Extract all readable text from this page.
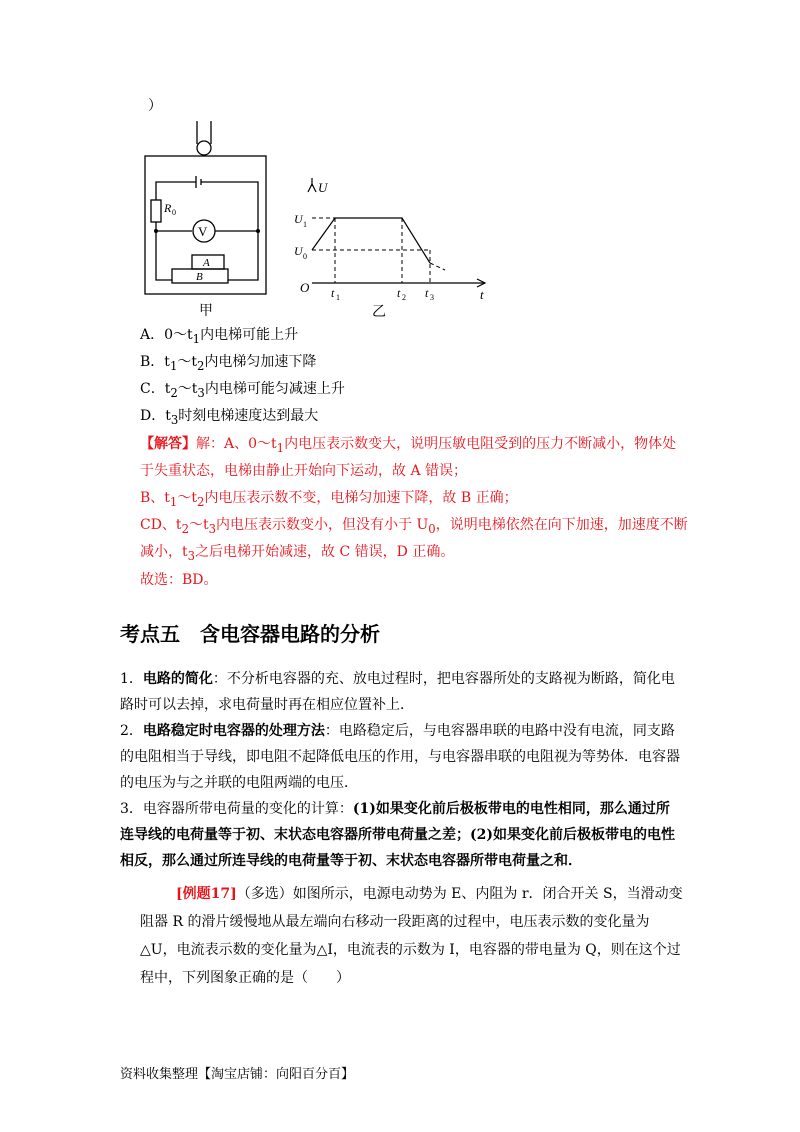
）
V
R 0
A
B
甲
U
t
O
U 1
U 0
t 1	t 2 t 3
乙
A．$0\sim t_1$内电梯可能上升
B．$t_1\sim t_2$内电梯匀加速下降
C．$t_2\sim t_3$内电梯可能匀减速上升
D．$t_3$时刻电梯速度达到最大
【解答】解：A、$0\sim t_1$内电压表示数变大，说明压敏电阻受到的压力不断减小，物体处
于失重状态，电梯由静止开始向下运动，故 A 错误；
B、$t_1\sim t_2$内电压表示数不变，电梯匀加速下降，故 B 正确；
CD、$t_2\sim t_3$内电压表示数变小，但没有小于 $U_0$，说明电梯依然在向下加速，加速度不断
减小，$t_3$之后电梯开始减速，故 C 错误，D 正确。
故选：BD。
考点五　含电容器电路的分析
1．电路的简化：不分析电容器的充、放电过程时，把电容器所处的支路视为断路，简化电路时可以去掉，求电荷量时再在相应位置补上．
2．电路稳定时电容器的处理方法：电路稳定后，与电容器串联的电路中没有电流，同支路的电阻相当于导线，即电阻不起降低电压的作用，与电容器串联的电阻视为等势体．电容器的电压为与之并联的电阻两端的电压．
3．电容器所带电荷量的变化的计算：(1)如果变化前后极板带电的电性相同，那么通过所连导线的电荷量等于初、末状态电容器所带电荷量之差；(2)如果变化前后极板带电的电性相反，那么通过所连导线的电荷量等于初、末状态电容器所带电荷量之和．
[例题17]（多选）如图所示，电源电动势为 E、内阻为 r．闭合开关 S，当滑动变阻器 R 的滑片缓慢地从最左端向右移动一段距离的过程中，电压表示数的变化量为△U，电流表示数的变化量为△I，电流表的示数为 I，电容器的带电量为 Q，则在这个过程中，下列图象正确的是（　　）
资料收集整理【淘宝店铺：向阳百分百】
